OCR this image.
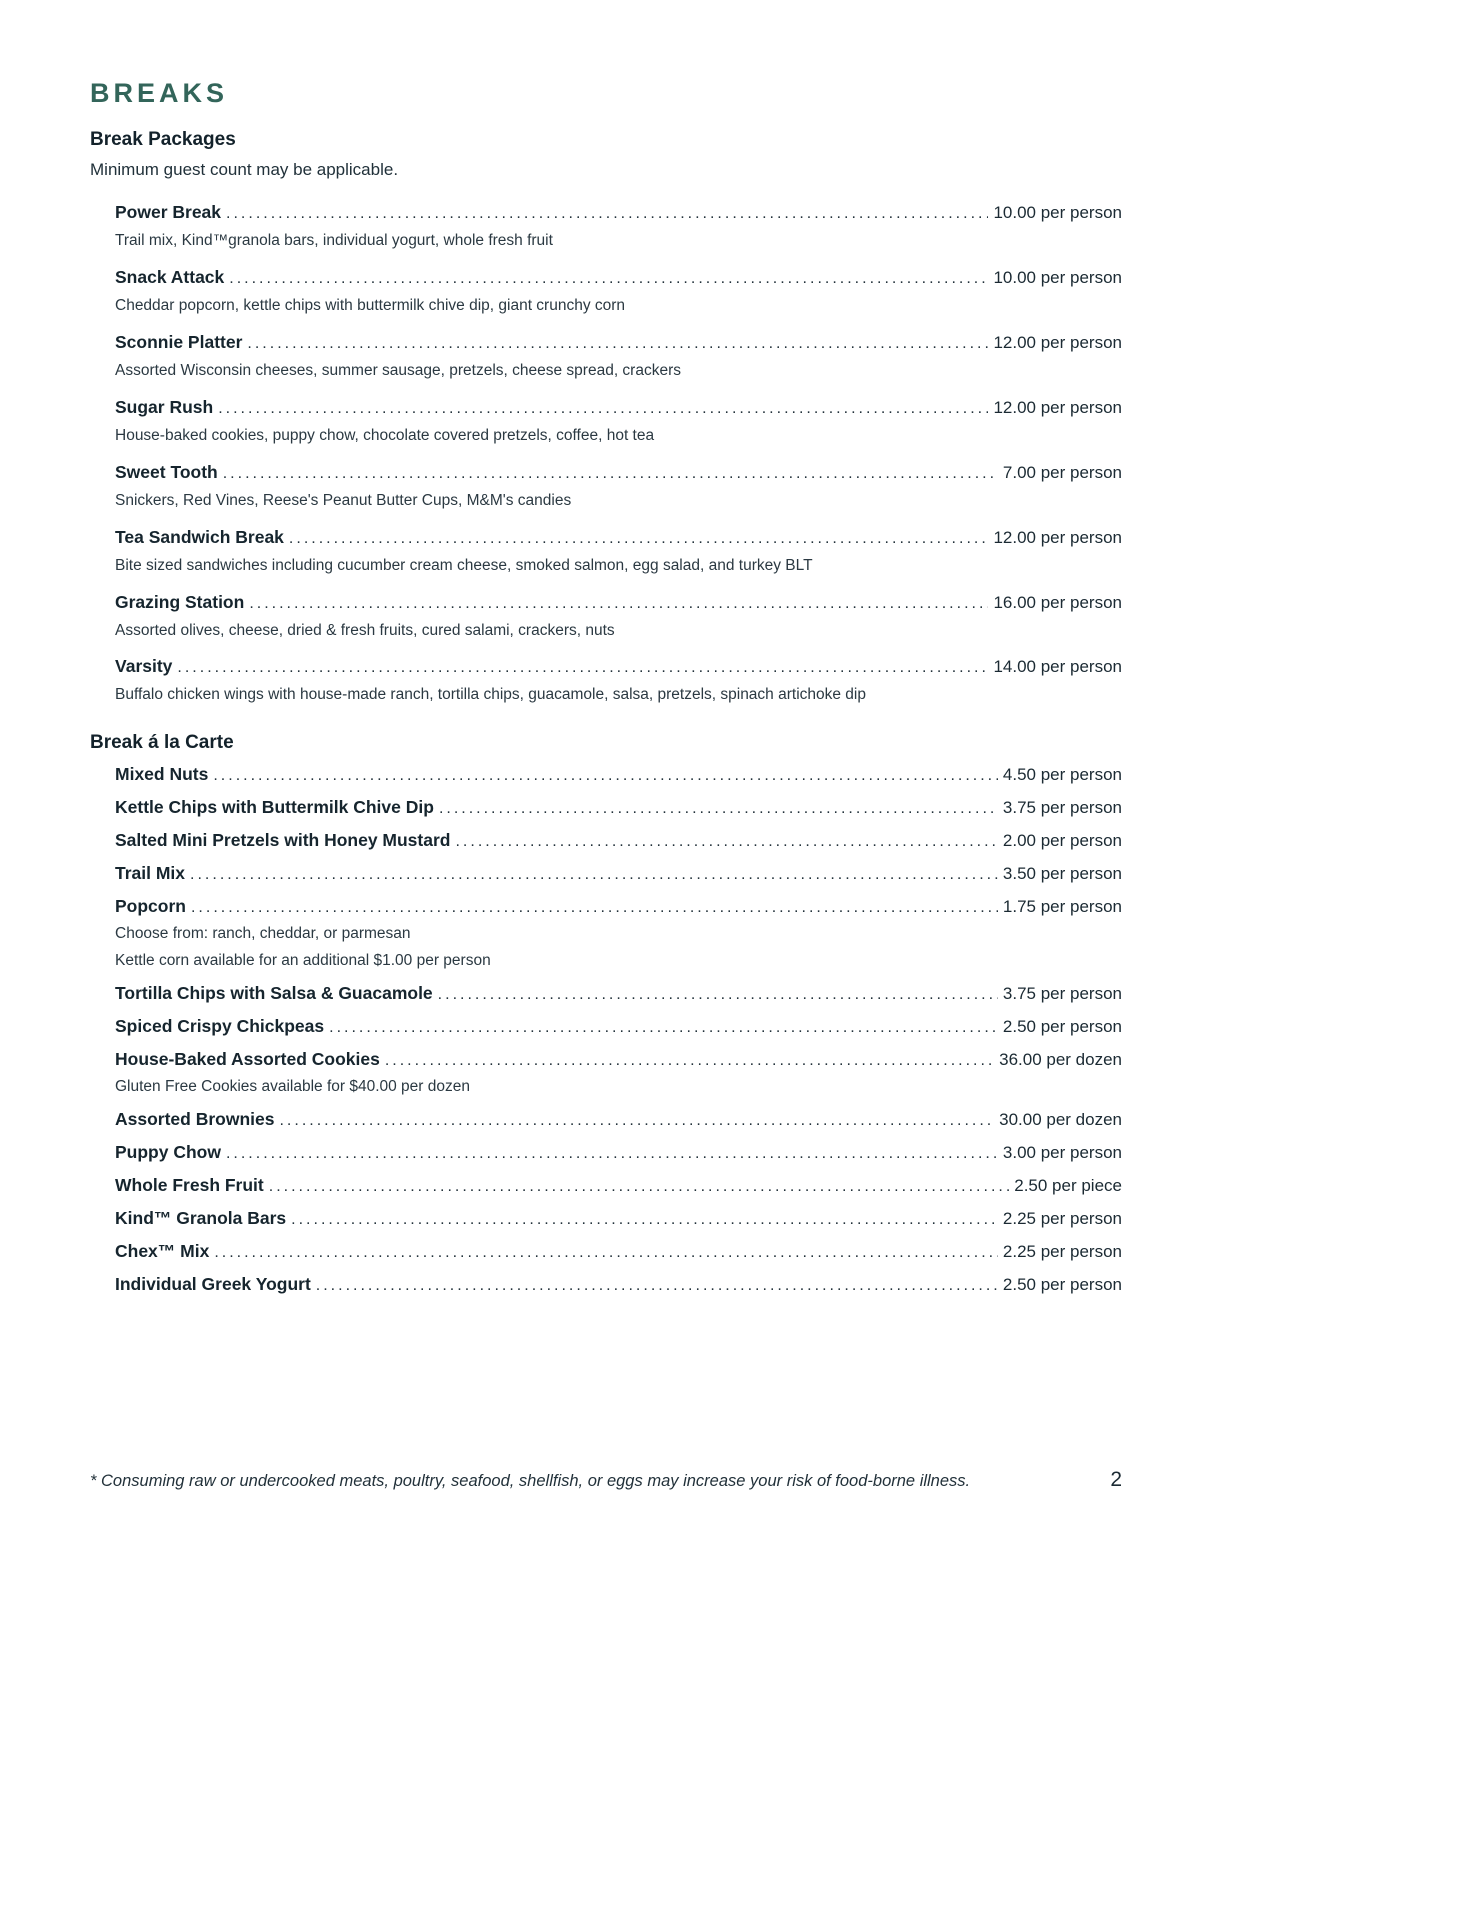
BREAKS
Break Packages

Minimum guest count may be applicable.

Power Break .....	10.00 per person
Trail mix, Kind™granola bars, individual yogurt, whole fresh fruit
Snack Attack .....	10.00 per person
Cheddar popcorn, kettle chips with buttermilk chive dip, giant crunchy corn
Sconnie Platter .....	12.00 per person
Assorted Wisconsin cheeses, summer sausage, pretzels, cheese spread, crackers
Sugar Rush .....	12.00 per person
House-baked cookies, puppy chow, chocolate covered pretzels, coffee, hot tea
Sweet Tooth .....	7.00 per person
Snickers, Red Vines, Reese's Peanut Butter Cups, M&M's candies
Tea Sandwich Break .....	12.00 per person
Bite sized sandwiches including cucumber cream cheese, smoked salmon, egg salad, and turkey BLT
Grazing Station .....	16.00 per person
Assorted olives, cheese, dried & fresh fruits, cured salami, crackers, nuts
Varsity .....	14.00 per person
Buffalo chicken wings with house-made ranch, tortilla chips, guacamole, salsa, pretzels, spinach artichoke dip
Break á la Carte
Mixed Nuts .....	4.50 per person
Kettle Chips with Buttermilk Chive Dip .....	3.75 per person
Salted Mini Pretzels with Honey Mustard .....	2.00 per person
Trail Mix .....	3.50 per person
Popcorn .....	1.75 per person
Choose from: ranch, cheddar, or parmesan
Kettle corn available for an additional $1.00 per person
Tortilla Chips with Salsa & Guacamole .....	3.75 per person
Spiced Crispy Chickpeas .....	2.50 per person
House-Baked Assorted Cookies .....	36.00 per dozen
Gluten Free Cookies available for $40.00 per dozen
Assorted Brownies .....	30.00 per dozen
Puppy Chow .....	3.00 per person
Whole Fresh Fruit .....	2.50 per piece
Kind™ Granola Bars .....	2.25 per person
Chex™ Mix .....	2.25 per person
Individual Greek Yogurt .....	2.50 per person
* Consuming raw or undercooked meats, poultry, seafood, shellfish, or eggs may increase your risk of food-borne illness.	2
